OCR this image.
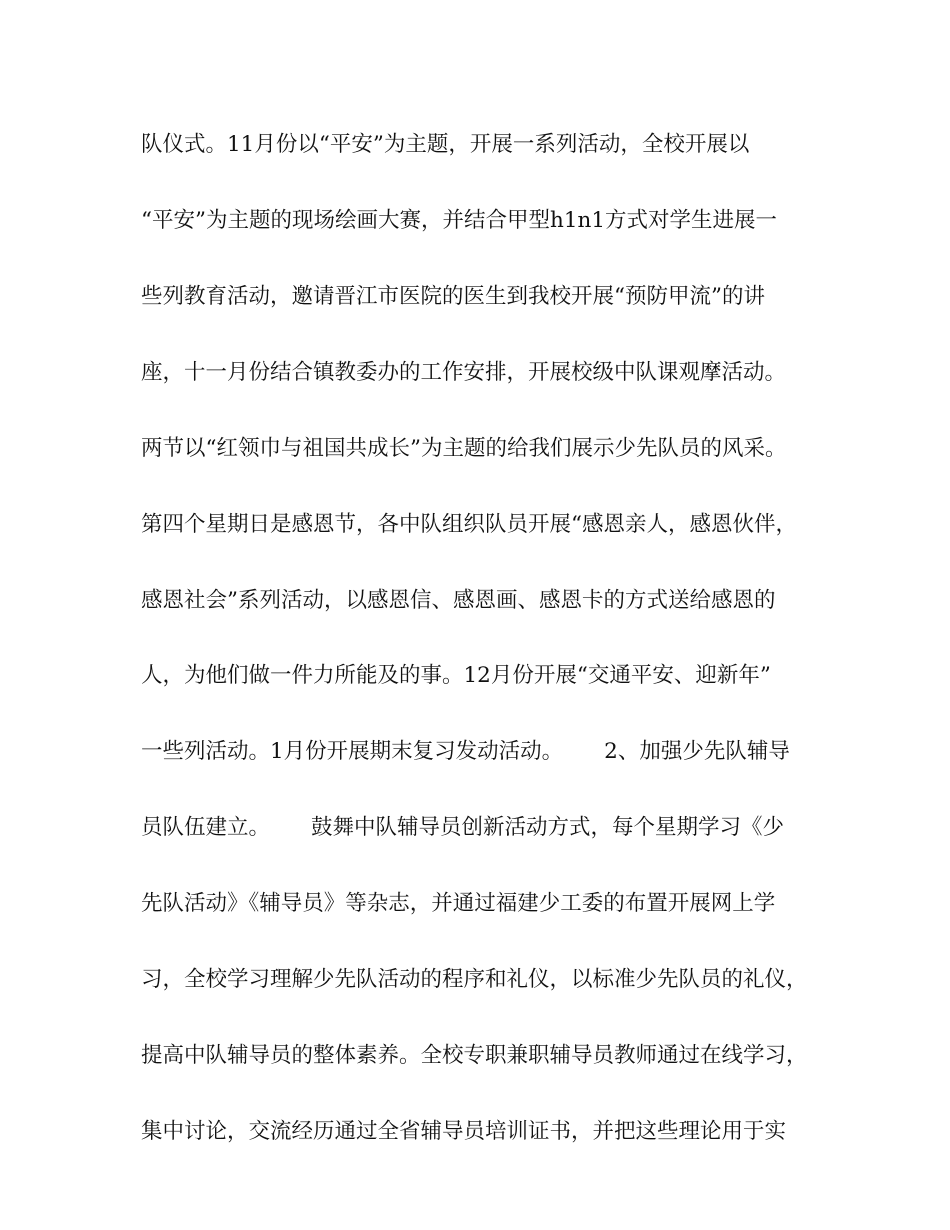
队仪式。11月份以“平安”为主题，开展一系列活动，全校开展以
“平安”为主题的现场绘画大赛，并结合甲型h1n1方式对学生进展一
些列教育活动，邀请晋江市医院的医生到我校开展“预防甲流”的讲
座，十一月份结合镇教委办的工作安排，开展校级中队课观摩活动。
两节以“红领巾与祖国共成长”为主题的给我们展示少先队员的风采。
第四个星期日是感恩节，各中队组织队员开展“感恩亲人，感恩伙伴，
感恩社会”系列活动，以感恩信、感恩画、感恩卡的方式送给感恩的
人，为他们做一件力所能及的事。12月份开展“交通平安、迎新年”
一些列活动。1月份开展期末复习发动活动。      2、加强少先队辅导
员队伍建立。      鼓舞中队辅导员创新活动方式，每个星期学习《少
先队活动》《辅导员》等杂志，并通过福建少工委的布置开展网上学
习，全校学习理解少先队活动的程序和礼仪，以标准少先队员的礼仪，
提高中队辅导员的整体素养。全校专职兼职辅导员教师通过在线学习，
集中讨论，交流经历通过全省辅导员培训证书，并把这些理论用于实
